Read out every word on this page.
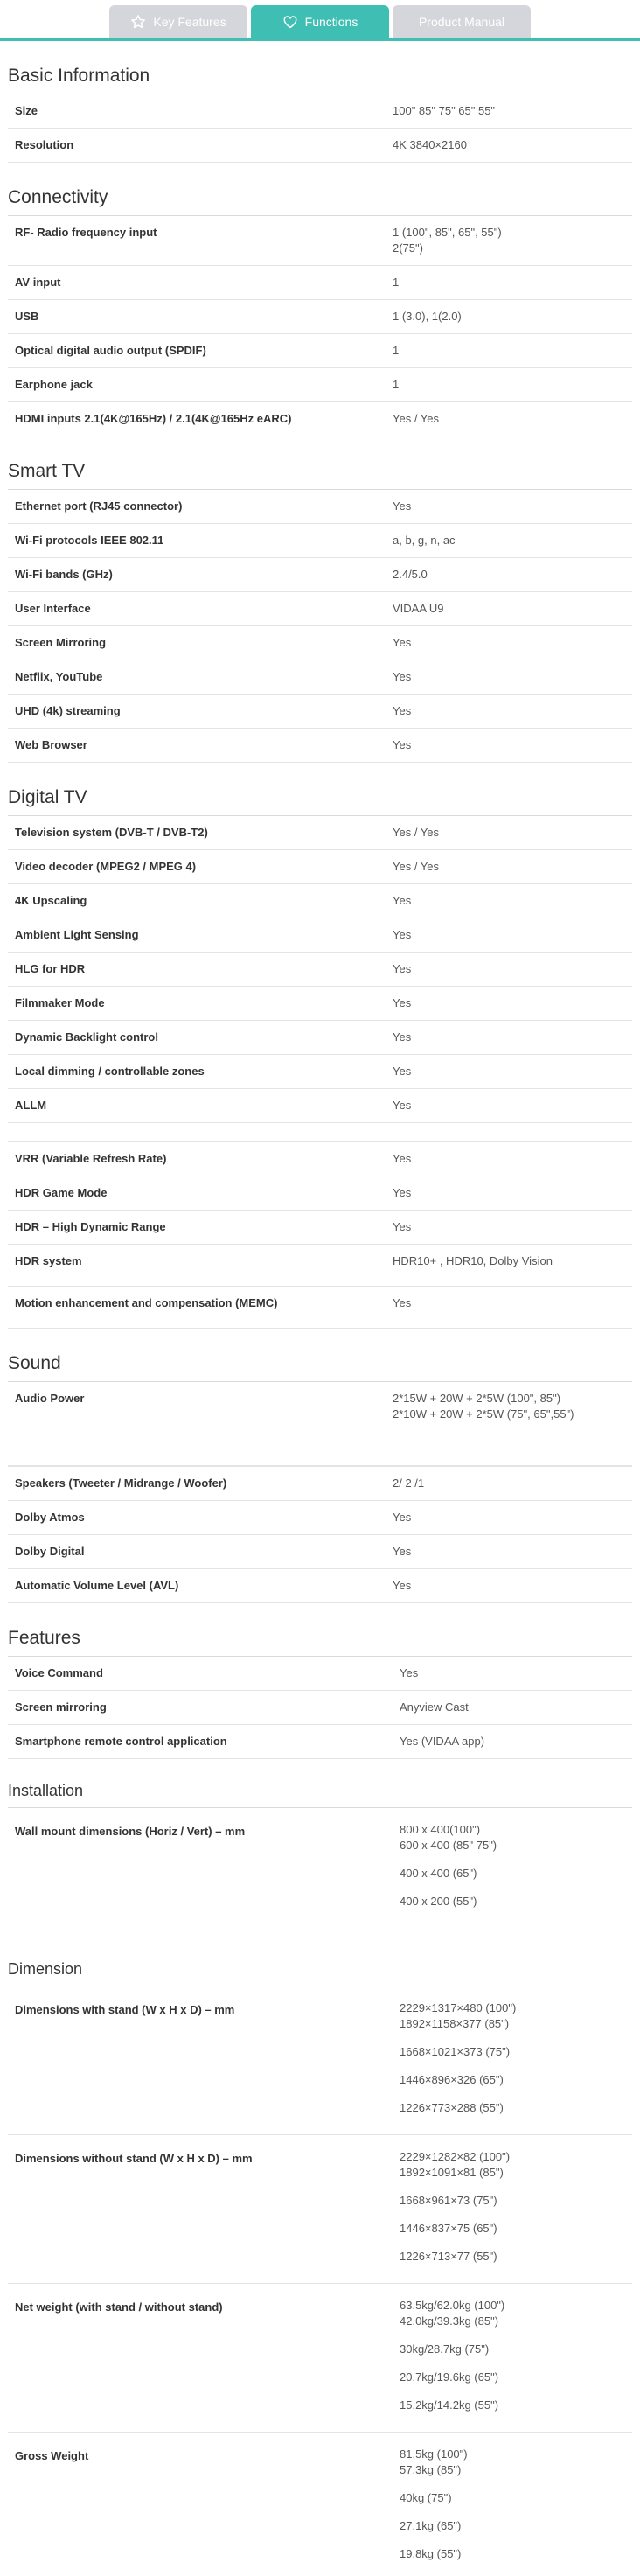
Key Features	Functions	Product Manual
Basic Information
Size	100" 85" 75" 65" 55"
Resolution	4K 3840×2160
Connectivity
RF- Radio frequency input	1 (100", 85", 65", 55")
2(75")
AV input	1
USB	1 (3.0), 1(2.0)
Optical digital audio output (SPDIF)	1
Earphone jack	1
HDMI inputs 2.1(4K@165Hz) / 2.1(4K@165Hz eARC)	Yes / Yes
Smart TV
Ethernet port (RJ45 connector)	Yes
Wi-Fi protocols IEEE 802.11	a, b, g, n, ac
Wi-Fi bands (GHz)	2.4/5.0
User Interface	VIDAA U9
Screen Mirroring	Yes
Netflix, YouTube	Yes
UHD (4k) streaming	Yes
Web Browser	Yes
Digital TV
Television system (DVB-T / DVB-T2)	Yes / Yes
Video decoder (MPEG2 / MPEG 4)	Yes / Yes
4K Upscaling	Yes
Ambient Light Sensing	Yes
HLG for HDR	Yes
Filmmaker Mode	Yes
Dynamic Backlight control	Yes
Local dimming / controllable zones	Yes
ALLM	Yes
VRR (Variable Refresh Rate)	Yes
HDR Game Mode	Yes
HDR – High Dynamic Range	Yes
HDR system	HDR10+ , HDR10, Dolby Vision
Motion enhancement and compensation (MEMC)	Yes
Sound
Audio Power	2*15W + 20W + 2*5W (100", 85")
2*10W + 20W + 2*5W (75", 65",55")
Speakers (Tweeter / Midrange / Woofer)	2/ 2 /1
Dolby Atmos	Yes
Dolby Digital	Yes
Automatic Volume Level (AVL)	Yes
Features
Voice Command	Yes
Screen mirroring	Anyview Cast
Smartphone remote control application	Yes (VIDAA app)
Installation
Wall mount dimensions (Horiz / Vert) – mm	800 x 400(100")
600 x 400 (85" 75")
400 x 400 (65")
400 x 200 (55")
Dimension
Dimensions with stand (W x H x D) – mm	2229×1317×480 (100")
1892×1158×377 (85")
1668×1021×373 (75")
1446×896×326 (65")
1226×773×288 (55")
Dimensions without stand (W x H x D) – mm	2229×1282×82 (100")
1892×1091×81 (85")
1668×961×73 (75")
1446×837×75 (65")
1226×713×77 (55")
Net weight (with stand / without stand)	63.5kg/62.0kg (100")
42.0kg/39.3kg (85")
30kg/28.7kg (75")
20.7kg/19.6kg (65")
15.2kg/14.2kg (55")
Gross Weight	81.5kg (100")
57.3kg (85")
40kg (75")
27.1kg (65")
19.8kg (55")
